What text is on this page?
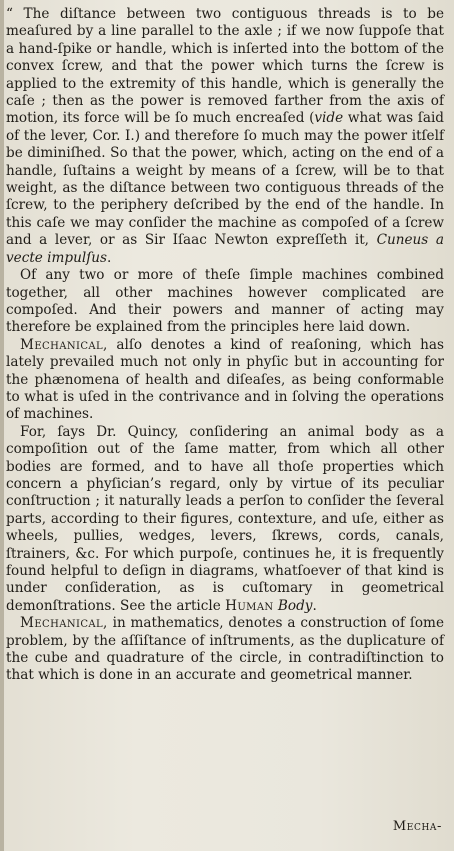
“ The diſtance between two contiguous threads is to be meaſured by a line parallel to the axle ; if we now ſuppoſe that a hand-ſpike or handle, which is inſerted into the bottom of the convex ſcrew, and that the power which turns the ſcrew is applied to the extremity of this handle, which is generally the caſe ; then as the power is removed farther from the axis of motion, its force will be ſo much encreaſed (vide what was ſaid of the lever, Cor. I.) and therefore ſo much may the power itſelf be diminiſhed. So that the power, which, acting on the end of a handle, ſuſtains a weight by means of a ſcrew, will be to that weight, as the diſtance between two contiguous threads of the ſcrew, to the periphery deſcribed by the end of the handle. In this caſe we may conſider the machine as compoſed of a ſcrew and a lever, or as Sir Iſaac Newton expreſſeth it, Cuneus a vecte impulſus.

Of any two or more of theſe ſimple machines combined together, all other machines however complicated are compoſed. And their powers and manner of acting may therefore be explained from the principles here laid down.

Mechanical, alſo denotes a kind of reaſoning, which has lately prevailed much not only in phyſic but in accounting for the phænomena of health and diſeaſes, as being conformable to what is uſed in the contrivance and in ſolving the operations of machines.

For, ſays Dr. Quincy, conſidering an animal body as a compoſition out of the ſame matter, from which all other bodies are formed, and to have all thoſe properties which concern a phyſician’s regard, only by virtue of its peculiar conſtruction ; it naturally leads a perſon to conſider the ſeveral parts, according to their figures, contexture, and uſe, either as wheels, pullies, wedges, levers, ſkrews, cords, canals, ſtrainers, &c. For which purpoſe, continues he, it is frequently found helpful to deſign in diagrams, whatſoever of that kind is under conſideration, as is cuſtomary in geometrical demonſtrations. See the article Human Body.

Mechanical, in mathematics, denotes a construction of ſome problem, by the aſſiſtance of inſtruments, as the duplicature of the cube and quadrature of the circle, in contradiſtinction to that which is done in an accurate and geometrical manner.

Mecha-
